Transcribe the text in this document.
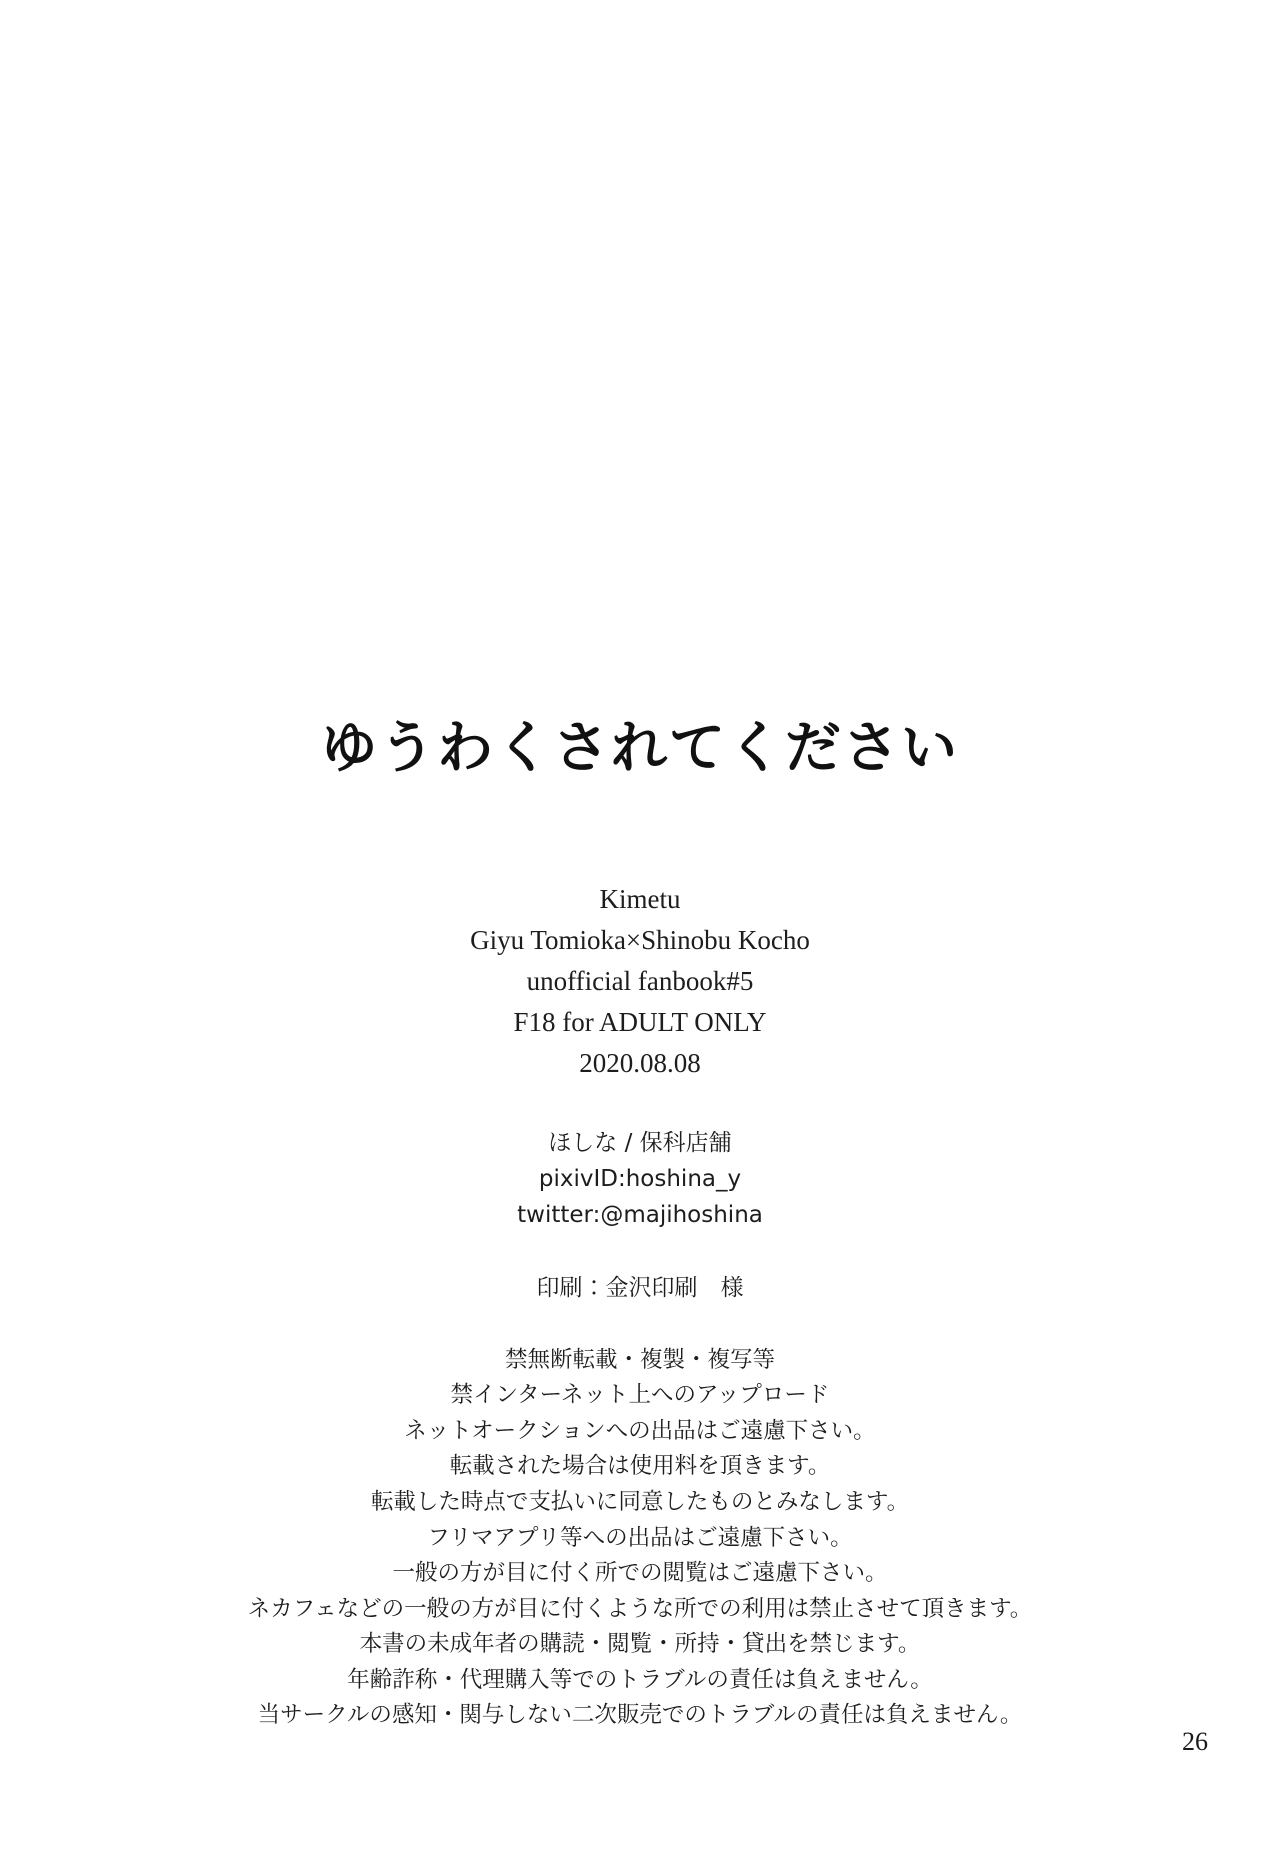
ゆうわくされてください
Kimetu
Giyu Tomioka×Shinobu Kocho
unofficial fanbook#5
F18 for ADULT ONLY
2020.08.08
ほしな / 保科店舗
pixivID:hoshina_y
twitter:@majihoshina
印刷：金沢印刷　様
禁無断転載・複製・複写等
禁インターネット上へのアップロード
ネットオークションへの出品はご遠慮下さい。
転載された場合は使用料を頂きます。
転載した時点で支払いに同意したものとみなします。
フリマアプリ等への出品はご遠慮下さい。
一般の方が目に付く所での閲覧はご遠慮下さい。
ネカフェなどの一般の方が目に付くような所での利用は禁止させて頂きます。
本書の未成年者の購読・閲覧・所持・貸出を禁じます。
年齢詐称・代理購入等でのトラブルの責任は負えません。
当サークルの感知・関与しない二次販売でのトラブルの責任は負えません。
26
